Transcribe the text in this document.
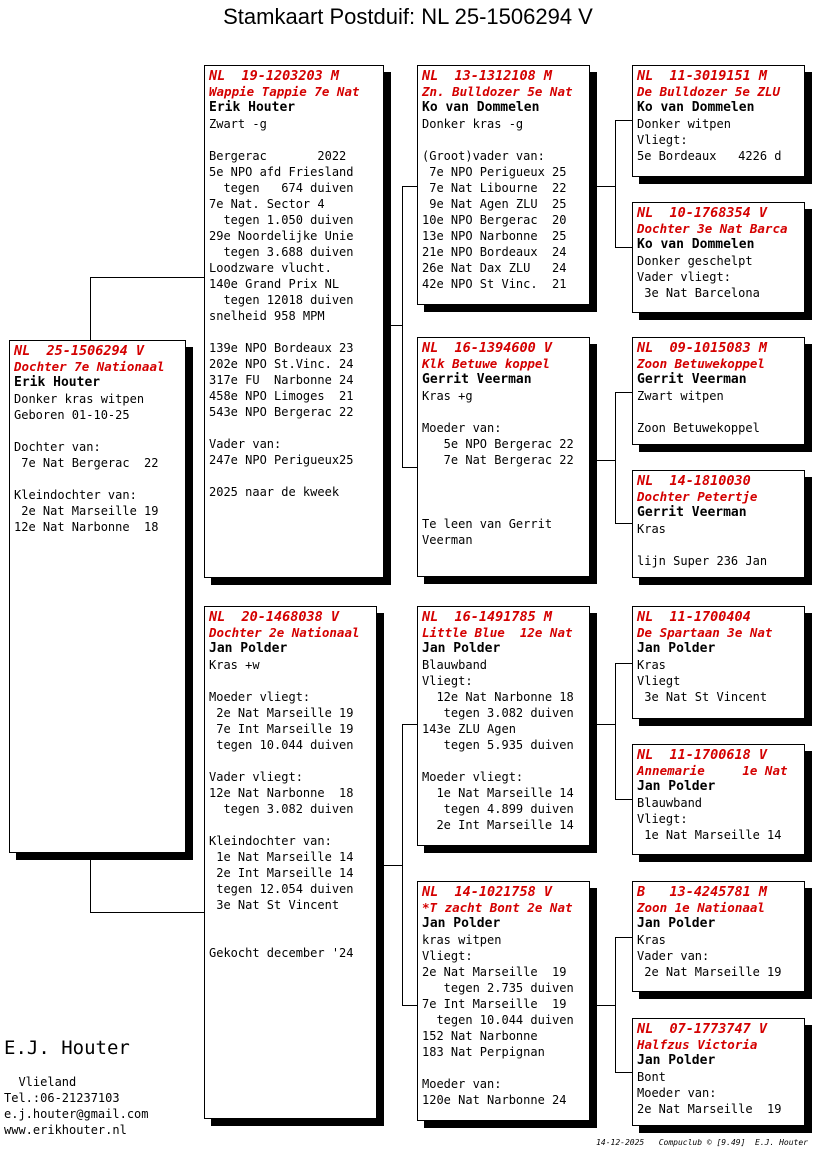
Stamkaart Postduif: NL 25-1506294 V
NL  25-1506294 V
Dochter 7e Nationaal
Erik Houter
Donker kras witpen
Geboren 01-10-25
Dochter van:
7e Nat Bergerac  22
Kleindochter van:
2e Nat Marseille 19
12e Nat Narbonne  18
NL  19-1203203 M
Wappie Tappie 7e Nat
Erik Houter
Zwart -g
Bergerac       2022
5e NPO afd Friesland
tegen   674 duiven
7e Nat. Sector 4
tegen 1.050 duiven
29e Noordelijke Unie
tegen 3.688 duiven
Loodzware vlucht.
140e Grand Prix NL
tegen 12018 duiven
snelheid 958 MPM
139e NPO Bordeaux 23
202e NPO St.Vinc. 24
317e FU  Narbonne 24
458e NPO Limoges  21
543e NPO Bergerac 22
Vader van:
247e NPO Perigueux25
2025 naar de kweek
NL  20-1468038 V
Dochter 2e Nationaal
Jan Polder
Kras +w
Moeder vliegt:
2e Nat Marseille 19
7e Int Marseille 19
tegen 10.044 duiven
Vader vliegt:
12e Nat Narbonne  18
tegen 3.082 duiven
Kleindochter van:
1e Nat Marseille 14
2e Int Marseille 14
tegen 12.054 duiven
3e Nat St Vincent
Gekocht december '24
NL  13-1312108 M
Zn. Bulldozer 5e Nat
Ko van Dommelen
Donker kras -g
(Groot)vader van:
7e NPO Perigueux 25
7e Nat Libourne  22
9e Nat Agen ZLU  25
10e NPO Bergerac  20
13e NPO Narbonne  25
21e NPO Bordeaux  24
26e Nat Dax ZLU   24
42e NPO St Vinc.  21
NL  16-1394600 V
Klk Betuwe koppel
Gerrit Veerman
Kras +g
Moeder van:
5e NPO Bergerac 22
7e Nat Bergerac 22
Te leen van Gerrit
Veerman
NL  16-1491785 M
Little Blue  12e Nat
Jan Polder
Blauwband
Vliegt:
12e Nat Narbonne 18
tegen 3.082 duiven
143e ZLU Agen
tegen 5.935 duiven
Moeder vliegt:
1e Nat Marseille 14
tegen 4.899 duiven
2e Int Marseille 14
NL  14-1021758 V
*T zacht Bont 2e Nat
Jan Polder
kras witpen
Vliegt:
2e Nat Marseille  19
tegen 2.735 duiven
7e Int Marseille  19
tegen 10.044 duiven
152 Nat Narbonne
183 Nat Perpignan
Moeder van:
120e Nat Narbonne 24
NL  11-3019151 M
De Bulldozer 5e ZLU
Ko van Dommelen
Donker witpen
Vliegt:
5e Bordeaux   4226 d
NL  10-1768354 V
Dochter 3e Nat Barca
Ko van Dommelen
Donker geschelpt
Vader vliegt:
3e Nat Barcelona
NL  09-1015083 M
Zoon Betuwekoppel
Gerrit Veerman
Zwart witpen
Zoon Betuwekoppel
NL  14-1810030
Dochter Petertje
Gerrit Veerman
Kras
lijn Super 236 Jan
NL  11-1700404
De Spartaan 3e Nat
Jan Polder
Kras
Vliegt
3e Nat St Vincent
NL  11-1700618 V
Annemarie     1e Nat
Jan Polder
Blauwband
Vliegt:
1e Nat Marseille 14
B   13-4245781 M
Zoon 1e Nationaal
Jan Polder
Kras
Vader van:
2e Nat Marseille 19
NL  07-1773747 V
Halfzus Victoria
Jan Polder
Bont
Moeder van:
2e Nat Marseille  19
E.J. Houter
Vlieland
Tel.:06-21237103
e.j.houter@gmail.com
www.erikhouter.nl
14-12-2025   Compuclub © [9.49]  E.J. Houter
